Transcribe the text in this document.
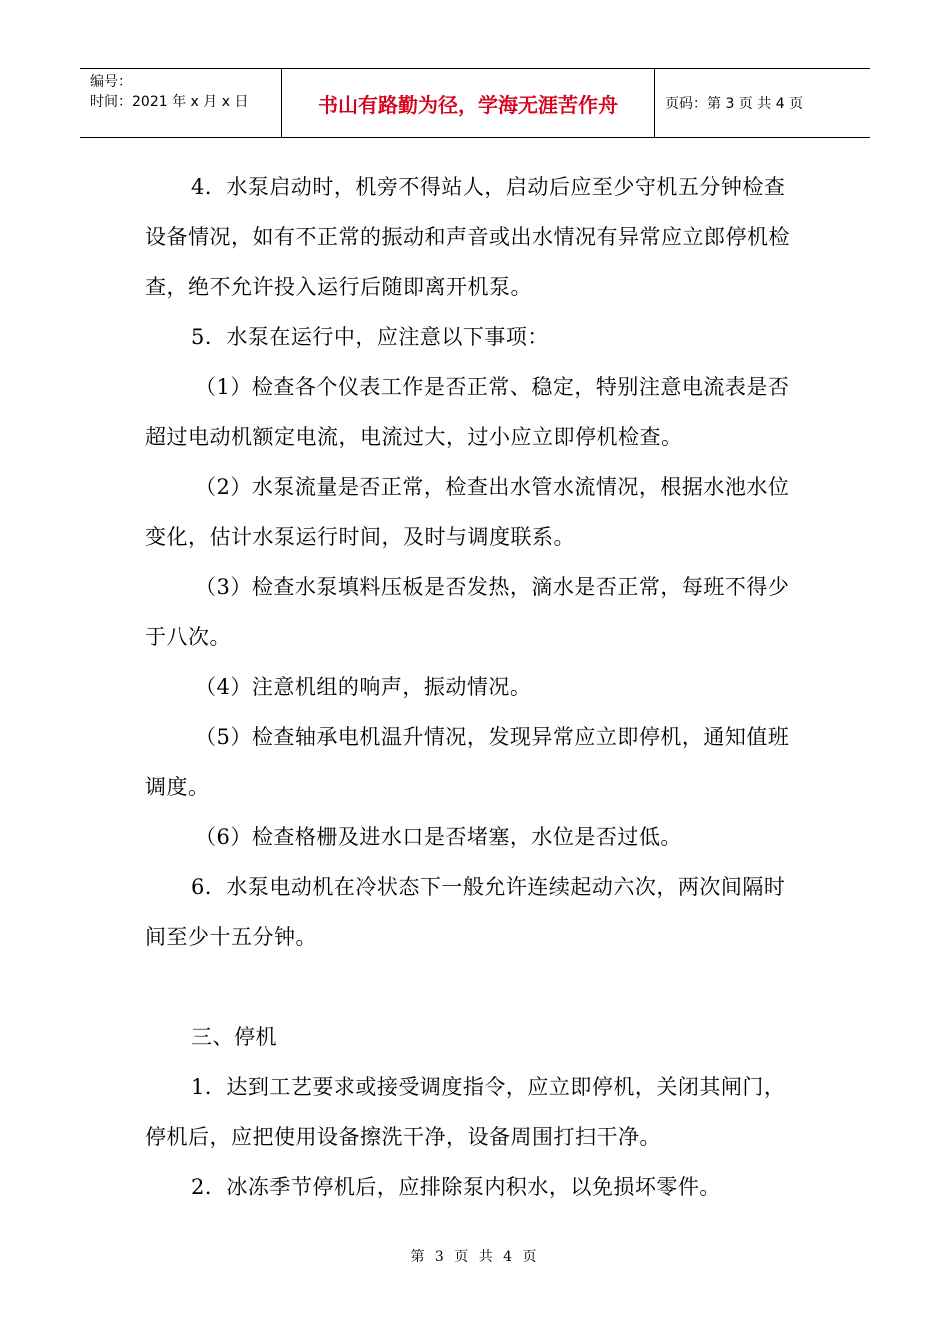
编号：
时间：2021 年 x 月 x 日	书山有路勤为径，学海无涯苦作舟	页码：第 3 页 共 4 页

4．水泵启动时，机旁不得站人，启动后应至少守机五分钟检查设备情况，如有不正常的振动和声音或出水情况有异常应立郎停机检查，绝不允许投入运行后随即离开机泵。

5．水泵在运行中，应注意以下事项：

（1）检查各个仪表工作是否正常、稳定，特别注意电流表是否超过电动机额定电流，电流过大，过小应立即停机检查。

（2）水泵流量是否正常，检查出水管水流情况，根据水池水位变化，估计水泵运行时间，及时与调度联系。

（3）检查水泵填料压板是否发热，滴水是否正常，每班不得少于八次。

（4）注意机组的响声，振动情况。

（5）检查轴承电机温升情况，发现异常应立即停机，通知值班调度。

（6）检查格栅及进水口是否堵塞，水位是否过低。

6．水泵电动机在冷状态下一般允许连续起动六次，两次间隔时间至少十五分钟。

三、停机

1．达到工艺要求或接受调度指令，应立即停机，关闭其闸门，停机后，应把使用设备擦洗干净，设备周围打扫干净。

2．冰冻季节停机后，应排除泵内积水，以免损坏零件。

第 3 页 共 4 页
